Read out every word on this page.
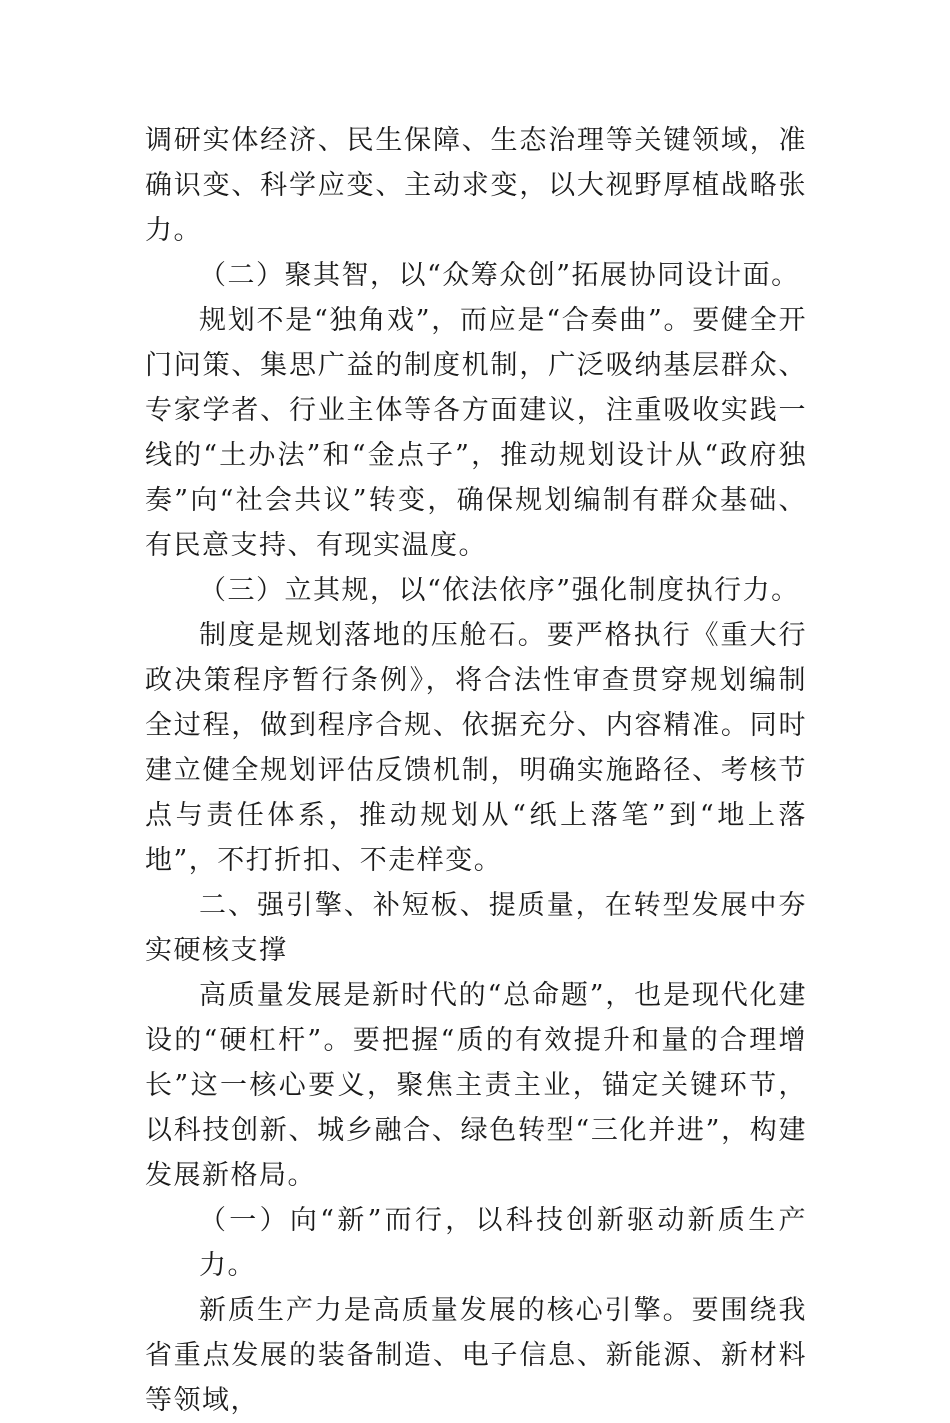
调研实体经济、民生保障、生态治理等关键领域，准确识变、科学应变、主动求变，以大视野厚植战略张力。

（二）聚其智，以“众筹众创”拓展协同设计面。

规划不是“独角戏”，而应是“合奏曲”。要健全开门问策、集思广益的制度机制，广泛吸纳基层群众、专家学者、行业主体等各方面建议，注重吸收实践一线的“土办法”和“金点子”，推动规划设计从“政府独奏”向“社会共议”转变，确保规划编制有群众基础、有民意支持、有现实温度。

（三）立其规，以“依法依序”强化制度执行力。

制度是规划落地的压舱石。要严格执行《重大行政决策程序暂行条例》，将合法性审查贯穿规划编制全过程，做到程序合规、依据充分、内容精准。同时建立健全规划评估反馈机制，明确实施路径、考核节点与责任体系，推动规划从“纸上落笔”到“地上落地”，不打折扣、不走样变。

二、强引擎、补短板、提质量，在转型发展中夯实硬核支撑

高质量发展是新时代的“总命题”，也是现代化建设的“硬杠杆”。要把握“质的有效提升和量的合理增长”这一核心要义，聚焦主责主业，锚定关键环节，以科技创新、城乡融合、绿色转型“三化并进”，构建发展新格局。

（一）向“新”而行，以科技创新驱动新质生产力。

新质生产力是高质量发展的核心引擎。要围绕我省重点发展的装备制造、电子信息、新能源、新材料等领域，
